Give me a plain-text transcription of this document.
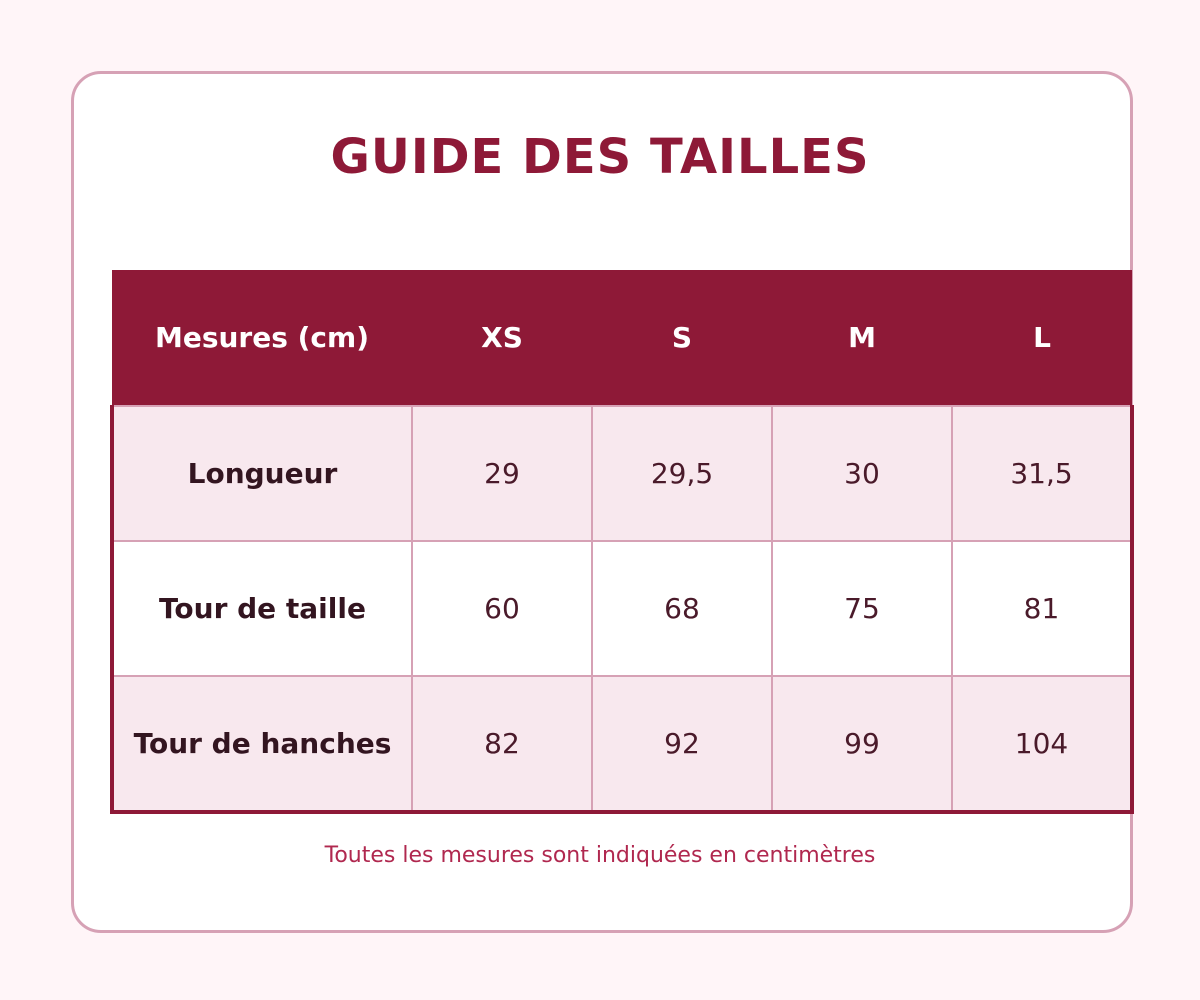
GUIDE DES TAILLES
Mesures (cm)	XS	S	M	L
Longueur	29	29,5	30	31,5
Tour de taille	60	68	75	81
Tour de hanches	82	92	99	104

Toutes les mesures sont indiquées en centimètres
